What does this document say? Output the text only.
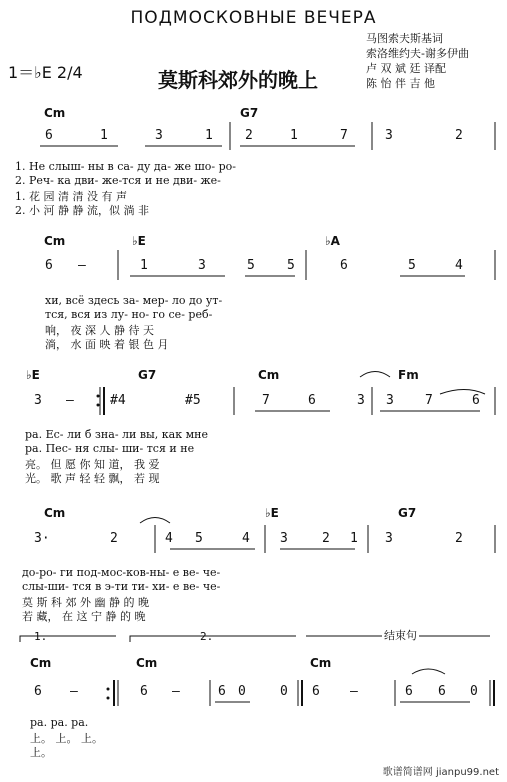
ПОДМОСКОВНЫЕ ВЕЧЕРА
1＝♭E 2/4	莫斯科郊外的晚上
马图索夫斯基词
索洛维约夫-谢多伊曲
卢 双 斌 廷 译配
陈 怡 伴 吉 他
Cm	G7
6	1	3	1 2	1	7	3	2
1. Не слыш- ны в са- ду да- же шо- ро-
2. Реч- ка дви- же-тся и не дви- же-
1. 花 园 清 清 没 有 声
2. 小 河 静 静 流，似 淌 非
Cm	♭E	♭A
6 —	1	3	5 5	6	5	4
хи, всё здесь за- мер- ло до ут-
тся, вся из лу- но- го се- реб-
响， 夜 深 人 静 待 天
淌， 水 面 映 着 银 色 月
♭E	G7	Cm	Fm
3 —	#4	#5	7	6	3 3 7	6
ра. Ес- ли б зна- ли вы, как мне
ра. Пес- ня слы- ши- тся и не
亮。 但 愿 你 知 道， 我 爱
光。 歌 声 轻 轻 飘， 若 现
Cm	♭E	G7
3·	2	4 5	4 3	2 1 3	2
до-ро- ги под-мос-ков-ны- е ве- че-
слы-ши- тся в э-ти ти- хи- е ве- че-
莫 斯 科 郊 外 幽 静 的 晚
若 藏， 在 这 宁 静 的 晚
1.	2.	结束句
Cm	Cm	Cm
6 —	6 —	6 0	0 6 —	6 6 0
ра. ра. ра.
上。 上。 上。
上。
歌谱简谱网 jianpu99.net
